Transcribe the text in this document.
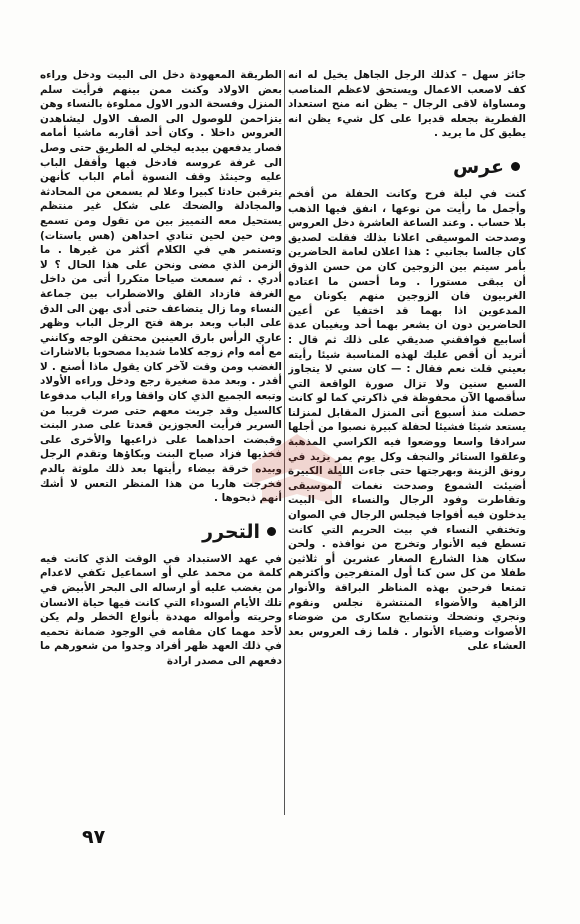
جائز سهل – كذلك الرجل الجاهل يخيل له انه كف لاصعب الاعمال ويستحق لاعظم المناصب ومساواة لاقى الرجال – يظن انه منح استعداد الفطرية بجعله قديرا على كل شيء يظن انه يطيق كل ما يريد .

عرس

كنت في ليلة فرح وكانت الحفلة من أفخم وأجمل ما رأيت من نوعها ، انفق فيها الذهب بلا حساب . وعند الساعة العاشرة دخل العروس وصدحت الموسيقى اعلانا بذلك فقلت لصديق كان جالسا بجانبي : هذا اعلان لعامة الحاضرين بأمر سيتم بين الزوجين كان من حسن الذوق أن يبقى مستورا . وما أحسن ما اعتاده الغربيون فان الزوجين منهم يكونان مع المدعوين اذا بهما قد اختفيا عن أعين الحاضرين دون ان يشعر بهما أحد ويغيبان عدة أسابيع فوافقني صديقي على ذلك ثم قال : أتريد أن أقص عليك لهذه المناسبة شيئا رأيته بعيني قلت نعم فقال : — كان سني لا يتجاوز السبع سنين ولا تزال صورة الواقعة التي سأقصها الآن محفوظة في ذاكرتي كما لو كانت حصلت منذ أسبوع أتى المنزل المقابل لمنزلنا يستعد شيئا فشيئا لحفلة كبيرة نصبوا من أجلها سرادقا واسعا ووضعوا فيه الكراسي المذهبة وعلقوا الستائر والنجف وكل يوم يمر يزيد في رونق الزينة وبهرجتها حتى جاءت الليلة الكبيرة أضيئت الشموع وصدحت نغمات الموسيقى وتقاطرت وفود الرجال والنساء الى البيت يدخلون فيه أفواجا فيجلس الرجال في الصوان وتختفي النساء في بيت الحريم التي كانت تسطع فيه الأنوار وتخرج من نوافذه . ولحن سكان هذا الشارع الصغار عشرين أو ثلاثين طفلا من كل سن كنا أول المتفرجين وأكثرهم تمتعا فرحين بهذه المناظر البراقة والأنوار الزاهية والأضواء المنتشرة نجلس ونقوم ونجري ونضحك ونتصايح سكارى من ضوضاء الأصوات وضياء الأنوار . فلما زف العروس بعد العشاء على

الطريقة المعهودة دخل الى البيت ودخل وراءه بعض الاولاد وكنت ممن بينهم فرأيت سلم المنزل وفسحة الدور الاول مملوءة بالنساء وهن يتزاحمن للوصول الى الصف الاول ليشاهدن العروس داخلا . وكان أحد أقاربه ماشيا أمامه فصار يدفعهن بيديه ليخلي له الطريق حتى وصل الى غرفة عروسه فادخل فيها وأقفل الباب عليه وحينئذ وقف النسوة أمام الباب كأنهن يترقبن حادثا كبيرا وعلا لم يسمعن من المحادثة والمجادلة والضحك على شكل غير منتظم يستحيل معه التمييز بين من تقول ومن تسمع ومن حين لحين تنادي احداهن (هس ياستات) وتستمر هي في الكلام أكثر من غيرها . ما الزمن الذي مضى ونحن على هذا الحال ؟ لا أدري . ثم سمعت صياحا متكررا أتى من داخل الغرفة فازداد القلق والاضطراب بين جماعة النساء وما زال يتضاعف حتى أدى بهن الى الدق على الباب وبعد برهة فتح الرجل الباب وظهر عاري الرأس بارق العينين محتقن الوجه وكانني مع أمه وام زوجه كلاما شديدا مصحوبا بالاشارات الغضب ومن وقت لآخر كان يقول ماذا أصنع . لا أقدر . وبعد مدة صغيرة رجع ودخل وراءه الأولاد وتبعه الجميع الذي كان واقفا وراء الباب مدفوعا كالسيل وقد جريت معهم حتى صرت قريبا من السرير فرأيت العجوزين قعدتا على صدر البنت وقبضت احداهما على ذراعيها والأخرى على فخذيها فزاد صياح البنت وبكاؤها وتقدم الرجل وبيده خرقة بيضاء رأيتها بعد ذلك ملوثة بالدم فخرجت هاربا من هذا المنظر التعس لا أشك أنهم ذبحوها .

التحرر

في عهد الاستبداد في الوقت الذي كانت فيه كلمة من محمد علي أو اسماعيل تكفي لاعدام من يغضب عليه أو ارساله الى البحر الأبيض في تلك الأيام السوداء التي كانت فيها حياة الانسان وحريته وأمواله مهددة بأنواع الخطر ولم يكن لأحد مهما كان مقامه في الوجود ضمانة تحميه في ذلك العهد ظهر أفراد وجدوا من شعورهم ما دفعهم الى مصدر ارادة

٩٧
